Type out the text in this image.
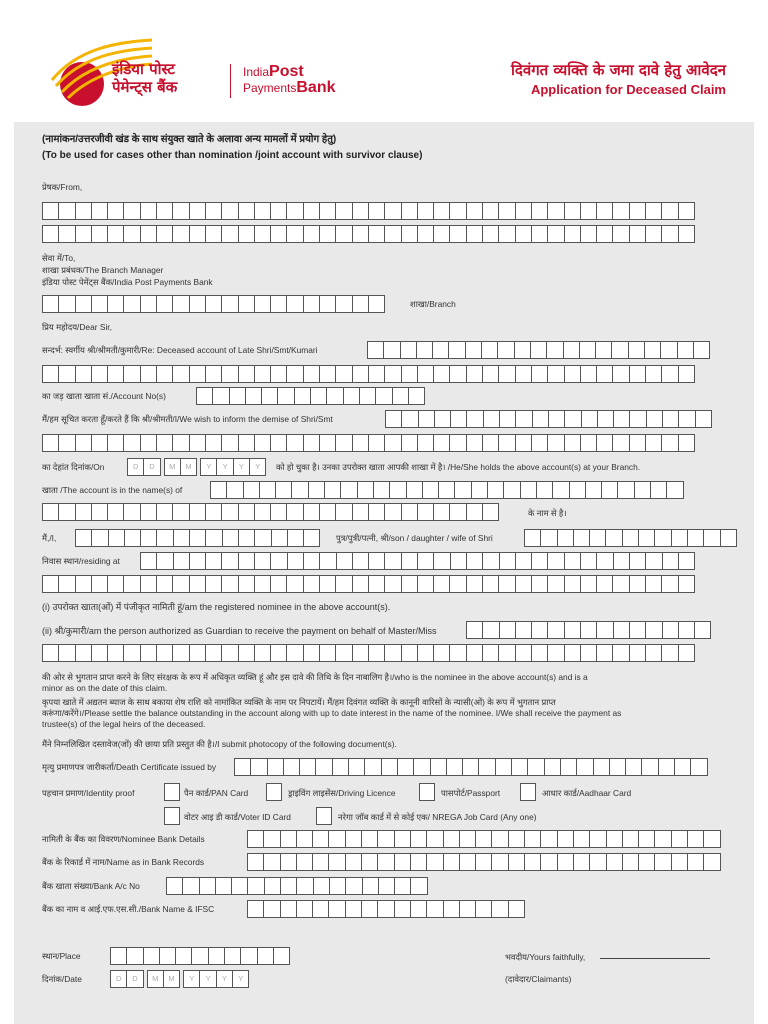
इंडिया पोस्ट
पेमेन्ट्स बैंक
IndiaPost
PaymentsBank
दिवंगत व्यक्ति के जमा दावे हेतु आवेदन
Application for Deceased Claim
(नामांकन/उत्तरजीवी खंड के साथ संयुक्त खाते के अलावा अन्य मामलों में प्रयोग हेतु)
(To be used for cases other than nomination /joint account with survivor clause)
प्रेषक/From,
सेवा में/To,
शाखा प्रबंधक/The Branch Manager
इंडिया पोस्ट पेमेंट्स बैंक/India Post Payments Bank
शाखा/Branch
प्रिय महोदय/Dear Sir,
सन्दर्भ: स्वर्गीय श्री/श्रीमती/कुमारी/Re: Deceased account of Late Shri/Smt/Kumari
का जड़ खाता खाता सं./Account No(s)
मैं/हम सूचित करता हूँ/करते हैं कि श्री/श्रीमती/I/We wish to inform the demise of Shri/Smt
का देहांत दिनांक/On	D	D	M	M	Y	Y	Y	Y	को हो चुका है। उनका उपरोक्त खाता आपकी शाखा में है। /He/She holds the above account(s) at your Branch.
खाता /The account is in the name(s) of
के नाम से है।
मैं,/I,	पुत्र/पुत्री/पत्नी, श्री/son / daughter / wife of Shri
निवास स्थान/residing at
(i) उपरोक्त खाता(ओं) में पंजीकृत नामिती हूं/am the registered nominee in the above account(s).
(ii) श्री/कुमारी/am the person authorized as Guardian to receive the payment on behalf of Master/Miss
की ओर से भुगतान प्राप्त करने के लिए संरक्षक के रूप में अधिकृत व्यक्ति हूं और इस दावे की तिथि के दिन नाबालिग है।/who is the nominee in the above account(s) and is a
minor as on the date of this claim.
कृपया खाते में अद्यतन ब्याज के साथ बकाया शेष राशि को नामांकित व्यक्ति के नाम पर निपटायें। मैं/हम दिवंगत व्यक्ति के कानूनी वारिसों के न्यासी(ओं) के रूप में भुगतान प्राप्त
करूंगा/करेंगे।/Please settle the balance outstanding in the account along with up to date interest in the name of the nominee. I/We shall receive the payment as
trustee(s) of the legal heirs of the deceased.
मैंने निम्नलिखित दस्तावेज(जों) की छाया प्रति प्रस्तुत की है।/I submit photocopy of the following document(s).
मृत्यु प्रमाणपत्र जारीकर्ता/Death Certificate issued by
पहचान प्रमाण/Identity proof	पैन कार्ड/PAN Card	ड्राइविंग लाइसेंस/Driving Licence	पासपोर्ट/Passport	आधार कार्ड/Aadhaar Card
वोटर आइ डी कार्ड/Voter ID Card	नरेगा जॉब कार्ड में से कोई एक/ NREGA Job Card (Any one)
नामिती के बैंक का विवरण/Nominee Bank Details
बैंक के रिकार्ड में नाम/Name as in Bank Records
बैंक खाता संख्या/Bank A/c No
बैंक का नाम व आई.एफ.एस.सी./Bank Name & IFSC
स्थान/Place
दिनांक/Date	D	D	M	M	Y	Y	Y	Y
भवदीय/Yours faithfully,
(दावेदार/Claimants)
